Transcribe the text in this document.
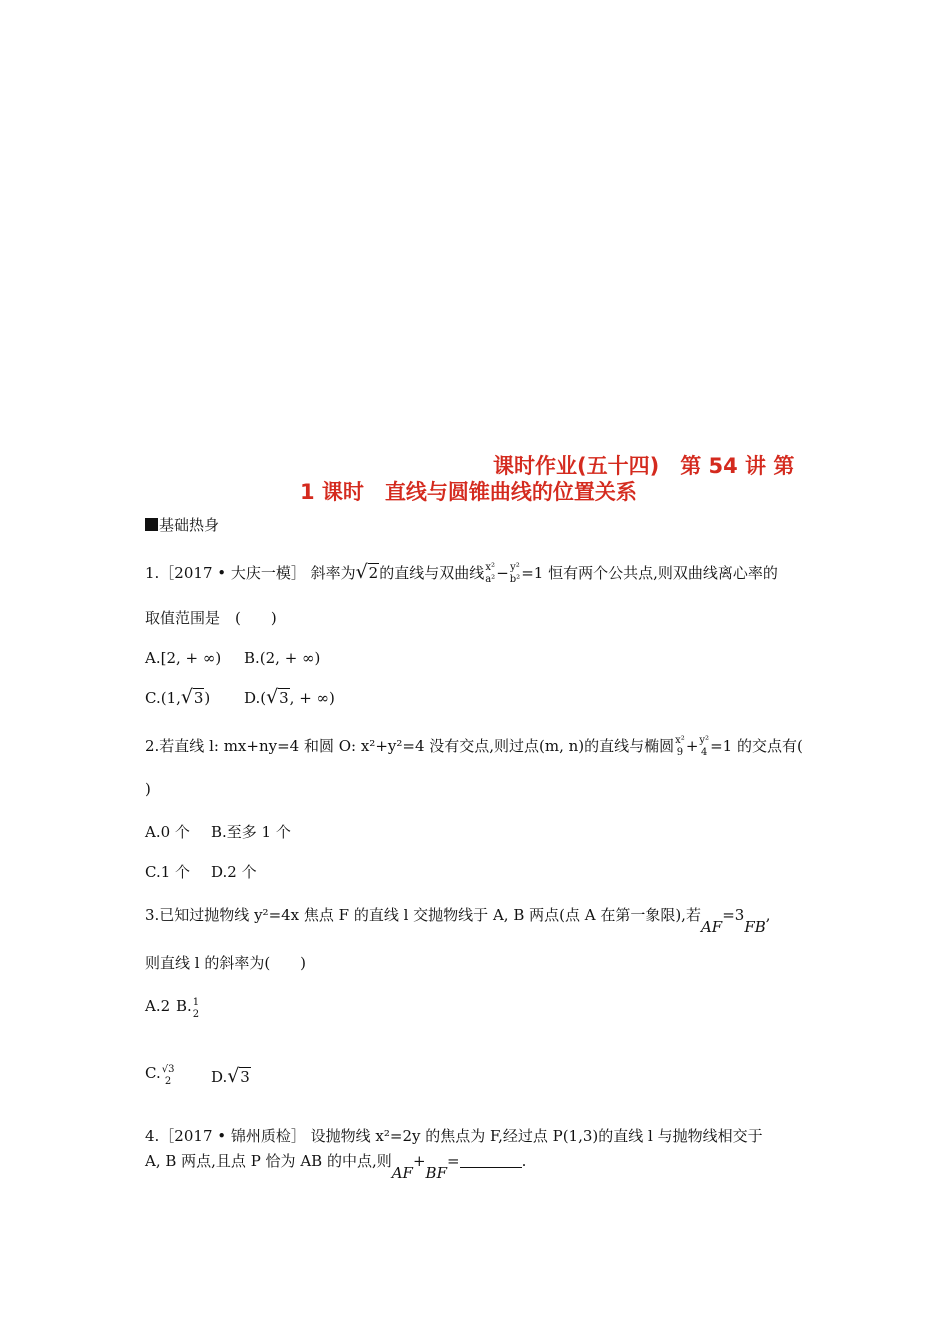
课时作业(五十四)　第 54 讲 第
1 课时　直线与圆锥曲线的位置关系
基础热身
1.［2017 • 大庆一模］ 斜率为 √ 2的直线与双曲线 x²
a² − y²
b² =1 恒有两个公共点,则双曲线离心率的
取值范围是　(　　)
A.[2, + ∞) B.(2, + ∞)
C.(1, √ 3) D.( √ 3, + ∞)
2.若直线 l: mx+ny=4 和圆 O: x²+y²=4 没有交点,则过点(m, n)的直线与椭圆 x²
9 + y²
4 =1 的交点有(
)
A.0 个 B.至多 1 个
C.1 个 D.2 个
3.已知过抛物线 y²=4x 焦点 F 的直线 l 交抛物线于 A, B 两点(点 A 在第一象限),若AF=3FB,
则直线 l 的斜率为(　　)
A.2 B. 1
2
C. √3
2	D. √ 3
4.［2017 • 锦州质检］ 设抛物线 x²=2y 的焦点为 F,经过点 P(1,3)的直线 l 与抛物线相交于
A, B 两点,且点 P 恰为 AB 的中点,则AF+BF=	.
